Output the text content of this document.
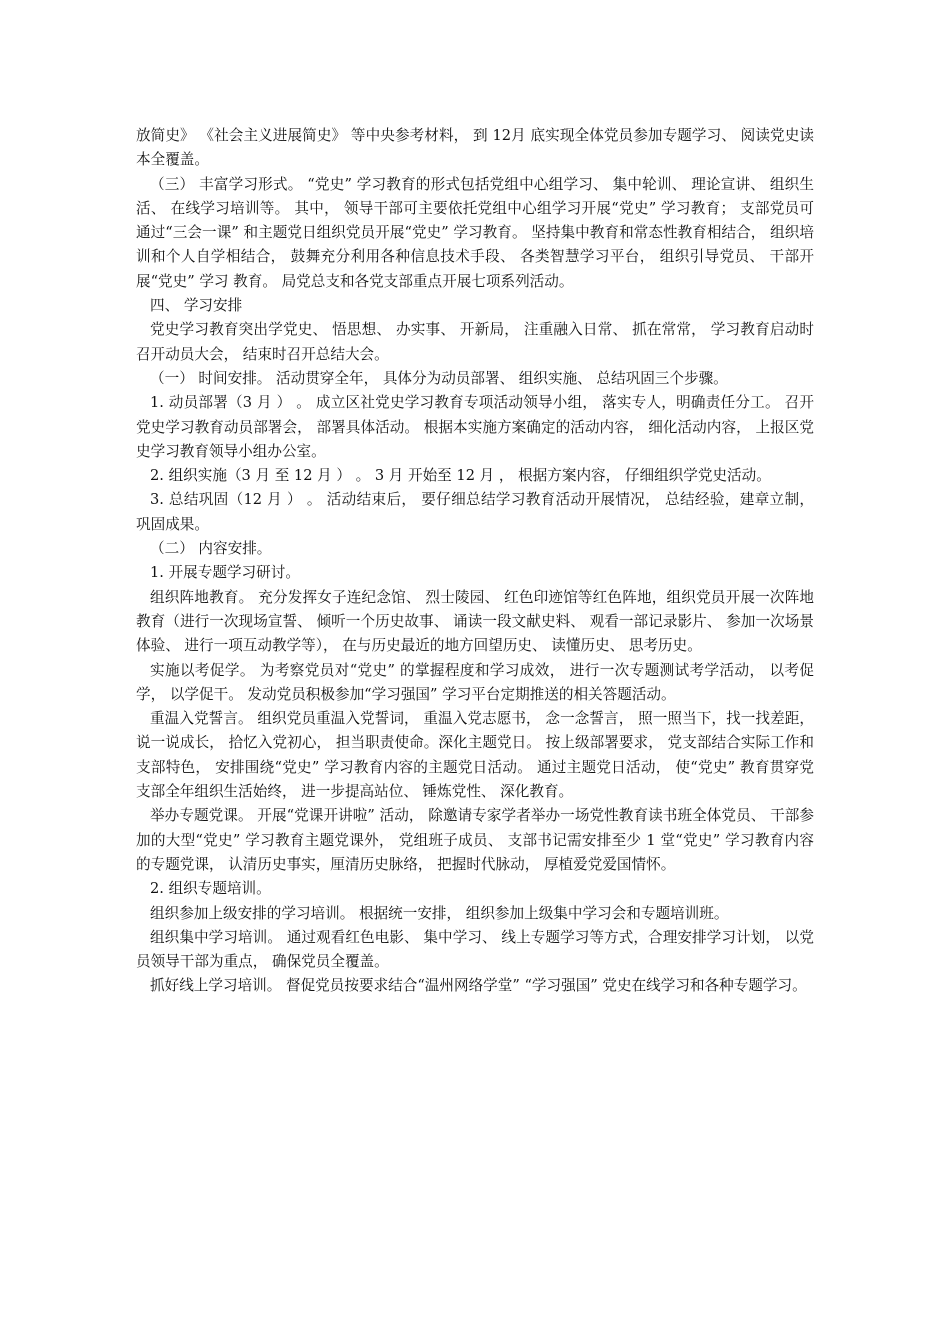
放简史》 《社会主义进展简史》 等中央参考材料， 到 12月 底实现全体党员参加专题学习、 阅读党史读本全覆盖。

（三） 丰富学习形式。 “党史” 学习教育的形式包括党组中心组学习、 集中轮训、 理论宣讲、 组织生活、 在线学习培训等。 其中， 领导干部可主要依托党组中心组学习开展“党史” 学习教育； 支部党员可通过“三会一课” 和主题党日组织党员开展“党史” 学习教育。 坚持集中教育和常态性教育相结合， 组织培训和个人自学相结合， 鼓舞充分利用各种信息技术手段、 各类智慧学习平台， 组织引导党员、 干部开展“党史” 学习 教育。 局党总支和各党支部重点开展七项系列活动。

四、 学习安排

党史学习教育突出学党史、 悟思想、 办实事、 开新局， 注重融入日常、 抓在常常， 学习教育启动时召开动员大会， 结束时召开总结大会。

（一） 时间安排。 活动贯穿全年， 具体分为动员部署、 组织实施、 总结巩固三个步骤。

1. 动员部署（3 月 ） 。 成立区社党史学习教育专项活动领导小组， 落实专人，明确责任分工。 召开党史学习教育动员部署会， 部署具体活动。 根据本实施方案确定的活动内容， 细化活动内容， 上报区党史学习教育领导小组办公室。

2. 组织实施（3 月 至 12 月 ） 。 3 月 开始至 12 月 ， 根据方案内容， 仔细组织学党史活动。

3. 总结巩固（12 月 ） 。 活动结束后， 要仔细总结学习教育活动开展情况， 总结经验，建章立制， 巩固成果。

（二） 内容安排。

1. 开展专题学习研讨。

组织阵地教育。 充分发挥女子连纪念馆、 烈士陵园、 红色印迹馆等红色阵地，组织党员开展一次阵地教育（进行一次现场宣誓、 倾听一个历史故事、 诵读一段文献史料、 观看一部记录影片、 参加一次场景体验、 进行一项互动教学等）， 在与历史最近的地方回望历史、 读懂历史、 思考历史。

实施以考促学。 为考察党员对“党史” 的掌握程度和学习成效， 进行一次专题测试考学活动， 以考促学， 以学促干。 发动党员积极参加“学习强国” 学习平台定期推送的相关答题活动。

重温入党誓言。 组织党员重温入党誓词， 重温入党志愿书， 念一念誓言， 照一照当下，找一找差距， 说一说成长， 拾忆入党初心， 担当职责使命。深化主题党日。 按上级部署要求， 党支部结合实际工作和支部特色， 安排围绕“党史” 学习教育内容的主题党日活动。 通过主题党日活动， 使“党史” 教育贯穿党支部全年组织生活始终， 进一步提高站位、 锤炼党性、 深化教育。

举办专题党课。 开展“党课开讲啦” 活动， 除邀请专家学者举办一场党性教育读书班全体党员、 干部参加的大型“党史” 学习教育主题党课外， 党组班子成员、 支部书记需安排至少 1 堂“党史” 学习教育内容的专题党课， 认清历史事实，厘清历史脉络， 把握时代脉动， 厚植爱党爱国情怀。

2. 组织专题培训。

组织参加上级安排的学习培训。 根据统一安排， 组织参加上级集中学习会和专题培训班。

组织集中学习培训。 通过观看红色电影、 集中学习、 线上专题学习等方式，合理安排学习计划， 以党员领导干部为重点， 确保党员全覆盖。

抓好线上学习培训。 督促党员按要求结合“温州网络学堂” “学习强国” 党史在线学习和各种专题学习。
